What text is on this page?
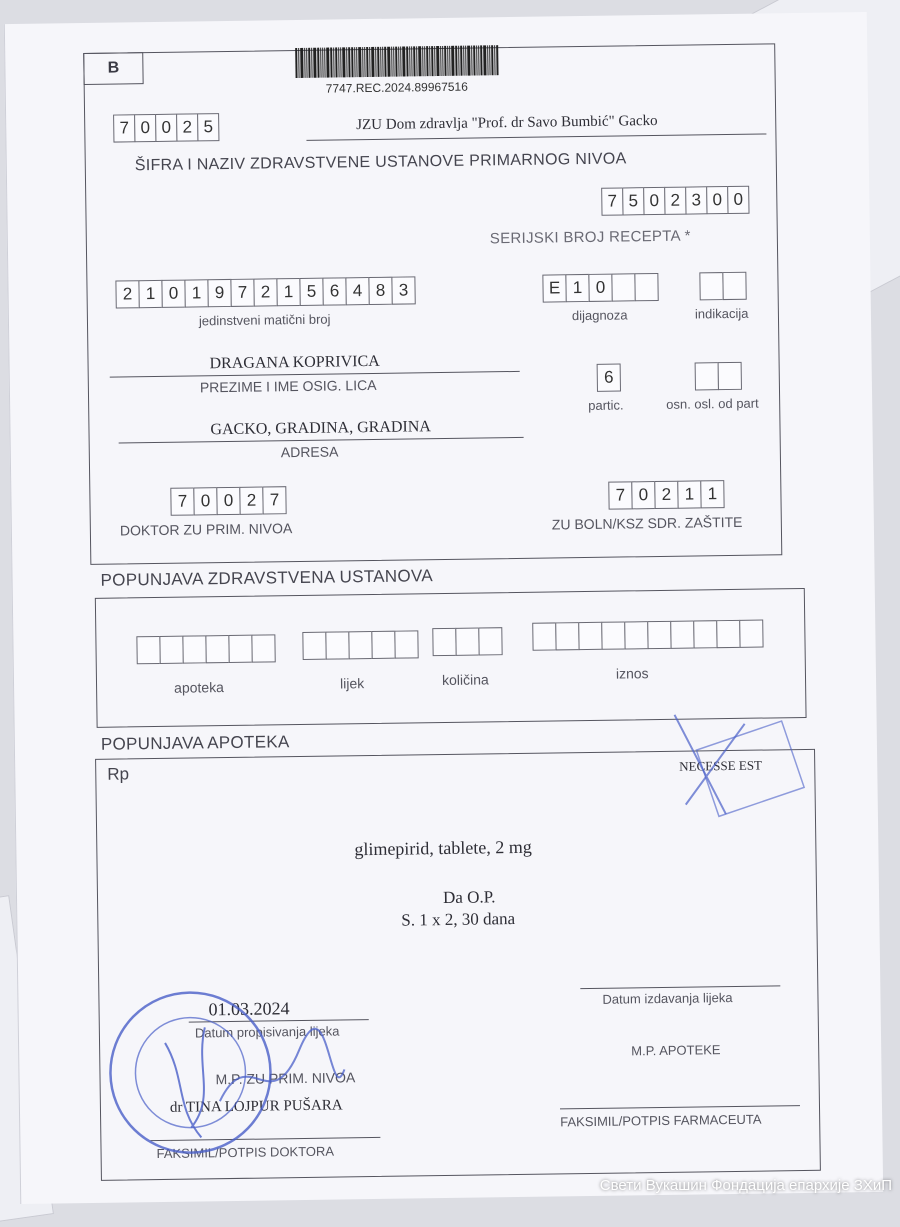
B
7747.REC.2024.89967516
7 0 0 2 5	JZU Dom zdravlja "Prof. dr Savo Bumbić" Gacko
ŠIFRA I NAZIV ZDRAVSTVENE USTANOVE PRIMARNOG NIVOA
7 5 0 2 3 0 0
SERIJSKI BROJ RECEPTA *
2 1 0 1 9 7 2 1 5 6 4 8 3
jedinstveni matični broj
E 1 0
dijagnoza	indikacija
DRAGANA KOPRIVICA
PREZIME I IME OSIG. LICA	6
partic.	osn. osl. od part
GACKO, GRADINA, GRADINA
ADRESA
7 0 0 2 7
DOKTOR ZU PRIM. NIVOA
7 0 2 1 1
ZU BOLN/KSZ SDR. ZAŠTITE
POPUNJAVA ZDRAVSTVENA USTANOVA
apoteka	lijek	količina	iznos
POPUNJAVA APOTEKA
Rp	NECESSE EST
glimepirid, tablete, 2 mg
Da O.P.
S. 1 x 2, 30 dana
01.03.2024
Datum propisivanja lijeka
Datum izdavanja lijeka
M.P. ZU PRIM. NIVOA
M.P. APOTEKE
dr TINA LOJPUR PUŠARA
FAKSIMIL/POTPIS DOKTORA
FAKSIMIL/POTPIS FARMACEUTA
Свети Вукашин Фондација епархије ЗХиП
